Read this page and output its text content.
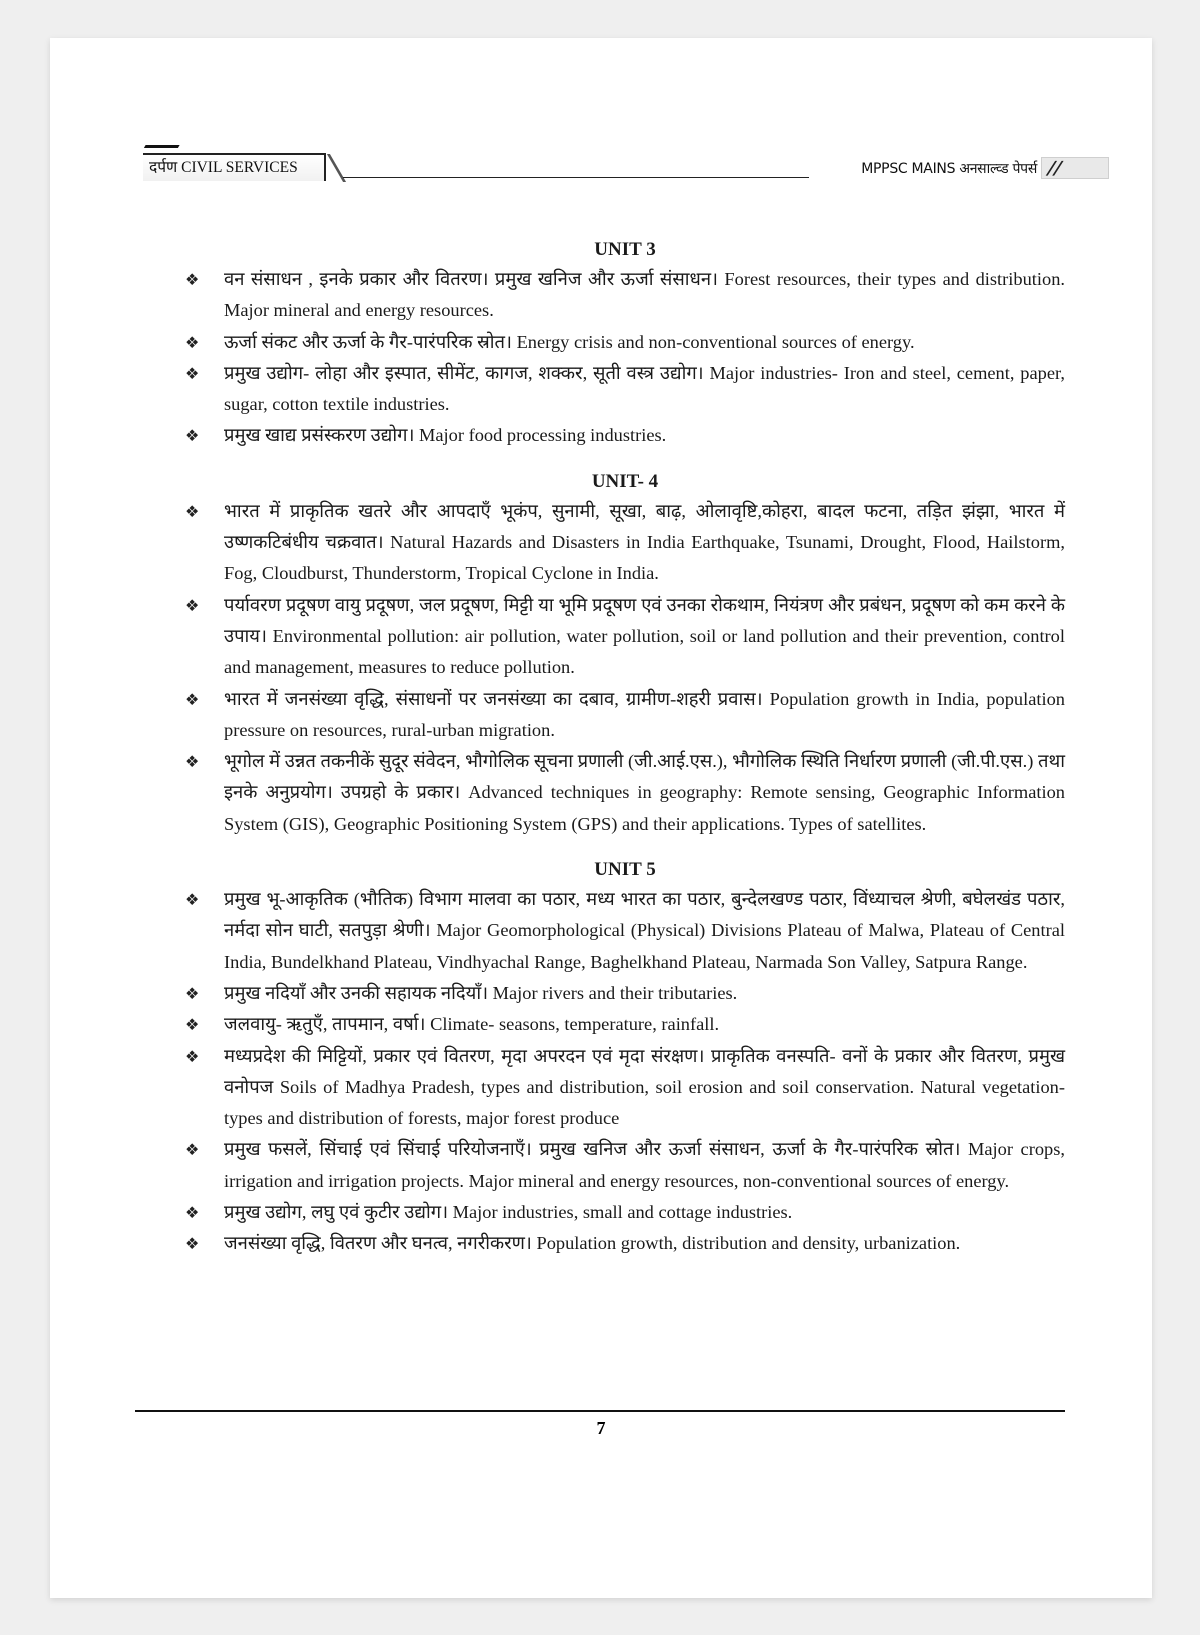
दर्पण CIVIL SERVICES	MPPSC MAINS अनसाल्व्ड पेपर्स //
UNIT 3
❖ वन संसाधन , इनके प्रकार और वितरण। प्रमुख खनिज और ऊर्जा संसाधन। Forest resources, their types and distribution. Major mineral and energy resources.
❖ ऊर्जा संकट और ऊर्जा के गैर-पारंपरिक स्रोत। Energy crisis and non-conventional sources of energy.
❖ प्रमुख उद्योग- लोहा और इस्पात, सीमेंट, कागज, शक्कर, सूती वस्त्र उद्योग। Major industries- Iron and steel, cement, paper, sugar, cotton textile industries.
❖ प्रमुख खाद्य प्रसंस्करण उद्योग। Major food processing industries.
UNIT- 4
❖ भारत में प्राकृतिक खतरे और आपदाएँ भूकंप, सुनामी, सूखा, बाढ़, ओलावृष्टि,कोहरा, बादल फटना, तड़ित झंझा, भारत में उष्णकटिबंधीय चक्रवात। Natural Hazards and Disasters in India Earthquake, Tsunami, Drought, Flood, Hailstorm, Fog, Cloudburst, Thunderstorm, Tropical Cyclone in India.
❖ पर्यावरण प्रदूषण वायु प्रदूषण, जल प्रदूषण, मिट्टी या भूमि प्रदूषण एवं उनका रोकथाम, नियंत्रण और प्रबंधन, प्रदूषण को कम करने के उपाय। Environmental pollution: air pollution, water pollution, soil or land pollution and their prevention, control and management, measures to reduce pollution.
❖ भारत में जनसंख्या वृद्धि, संसाधनों पर जनसंख्या का दबाव, ग्रामीण-शहरी प्रवास। Population growth in India, population pressure on resources, rural-urban migration.
❖ भूगोल में उन्नत तकनीकें सुदूर संवेदन, भौगोलिक सूचना प्रणाली (जी.आई.एस.), भौगोलिक स्थिति निर्धारण प्रणाली (जी.पी.एस.) तथा इनके अनुप्रयोग। उपग्रहो के प्रकार। Advanced techniques in geography: Remote sensing, Geographic Information System (GIS), Geographic Positioning System (GPS) and their applications. Types of satellites.
UNIT 5
❖ प्रमुख भू-आकृतिक (भौतिक) विभाग मालवा का पठार, मध्य भारत का पठार, बुन्देलखण्ड पठार, विंध्याचल श्रेणी, बघेलखंड पठार, नर्मदा सोन घाटी, सतपुड़ा श्रेणी। Major Geomorphological (Physical) Divisions Plateau of Malwa, Plateau of Central India, Bundelkhand Plateau, Vindhyachal Range, Baghelkhand Plateau, Narmada Son Valley, Satpura Range.
❖ प्रमुख नदियाँ और उनकी सहायक नदियाँ। Major rivers and their tributaries.
❖ जलवायु- ऋतुएँ, तापमान, वर्षा। Climate- seasons, temperature, rainfall.
❖ मध्यप्रदेश की मिट्टियों, प्रकार एवं वितरण, मृदा अपरदन एवं मृदा संरक्षण। प्राकृतिक वनस्पति- वनों के प्रकार और वितरण, प्रमुख वनोपज Soils of Madhya Pradesh, types and distribution, soil erosion and soil conservation. Natural vegetation- types and distribution of forests, major forest produce
❖ प्रमुख फसलें, सिंचाई एवं सिंचाई परियोजनाएँ। प्रमुख खनिज और ऊर्जा संसाधन, ऊर्जा के गैर-पारंपरिक स्रोत। Major crops, irrigation and irrigation projects. Major mineral and energy resources, non-conventional sources of energy.
❖ प्रमुख उद्योग, लघु एवं कुटीर उद्योग। Major industries, small and cottage industries.
❖ जनसंख्या वृद्धि, वितरण और घनत्व, नगरीकरण। Population growth, distribution and density, urbanization.
7
